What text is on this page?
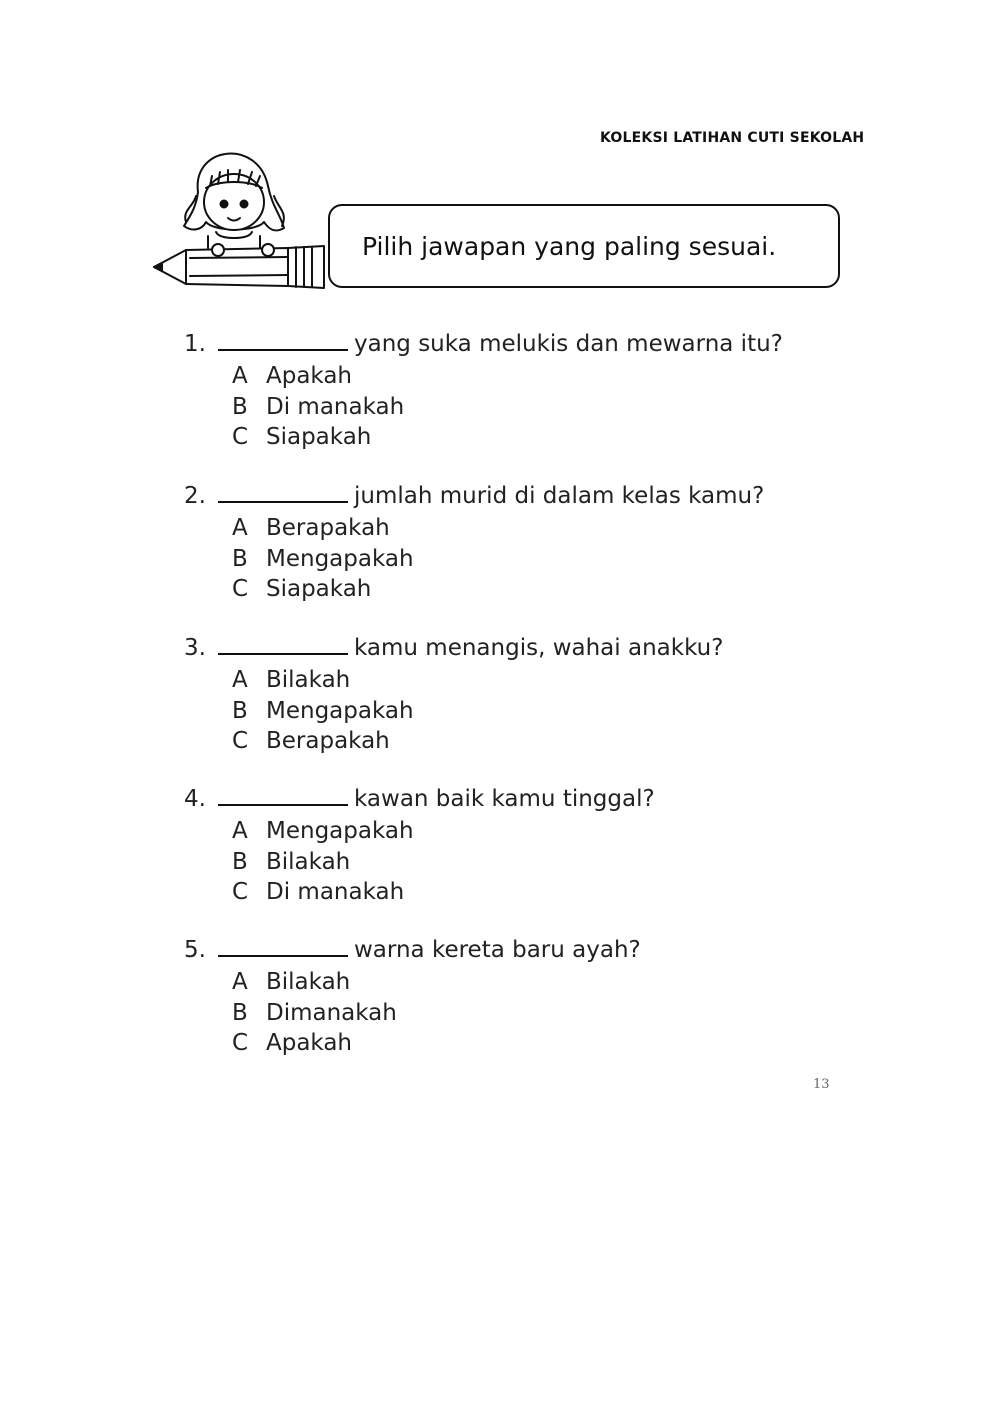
KOLEKSI LATIHAN CUTI SEKOLAH
Pilih jawapan yang paling sesuai.
1.	yang suka melukis dan mewarna itu?
A Apakah
B Di manakah
C Siapakah
2.	jumlah murid di dalam kelas kamu?
A Berapakah
B Mengapakah
C Siapakah
3.	kamu menangis, wahai anakku?
A Bilakah
B Mengapakah
C Berapakah
4.	kawan baik kamu tinggal?
A Mengapakah
B Bilakah
C Di manakah
5.	warna kereta baru ayah?
A Bilakah
B Dimanakah
C Apakah
13
